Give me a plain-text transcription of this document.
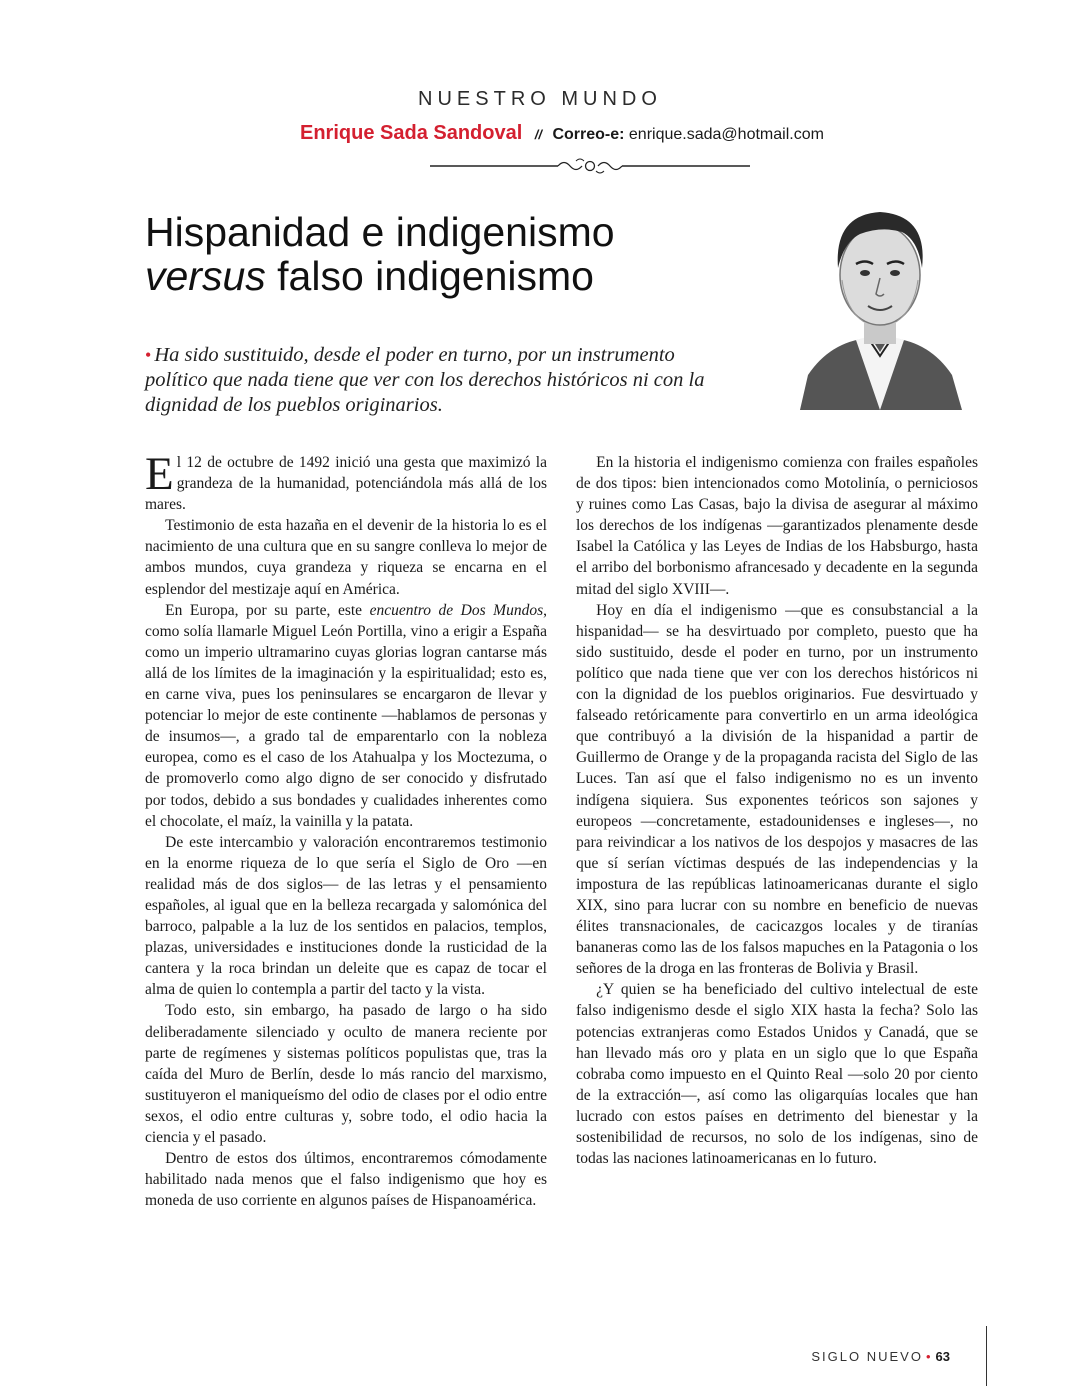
NUESTRO MUNDO
Enrique Sada Sandoval // Correo-e: enrique.sada@hotmail.com
Hispanidad e indigenismo
versus falso indigenismo
• Ha sido sustituido, desde el poder en turno, por un instrumento político que nada tiene que ver con los derechos históricos ni con la dignidad de los pueblos originarios.

El 12 de octubre de 1492 inició una gesta que maximizó la grandeza de la humanidad, potenciándola más allá de los mares.

Testimonio de esta hazaña en el devenir de la historia lo es el nacimiento de una cultura que en su sangre conlleva lo mejor de ambos mundos, cuya grandeza y riqueza se encarna en el esplendor del mestizaje aquí en América.

En Europa, por su parte, este encuentro de Dos Mundos, como solía llamarle Miguel León Portilla, vino a erigir a España como un imperio ultramarino cuyas glorias logran cantarse más allá de los límites de la imaginación y la espiritualidad; esto es, en carne viva, pues los peninsulares se encargaron de llevar y potenciar lo mejor de este continente —hablamos de personas y de insumos—, a grado tal de emparentarlo con la nobleza europea, como es el caso de los Atahualpa y los Moctezuma, o de promoverlo como algo digno de ser conocido y disfrutado por todos, debido a sus bondades y cualidades inherentes como el chocolate, el maíz, la vainilla y la patata.

De este intercambio y valoración encontraremos testimonio en la enorme riqueza de lo que sería el Siglo de Oro —en realidad más de dos siglos— de las letras y el pensamiento españoles, al igual que en la belleza recargada y salomónica del barroco, palpable a la luz de los sentidos en palacios, templos, plazas, universidades e instituciones donde la rusticidad de la cantera y la roca brindan un deleite que es capaz de tocar el alma de quien lo contempla a partir del tacto y la vista.

Todo esto, sin embargo, ha pasado de largo o ha sido deliberadamente silenciado y oculto de manera reciente por parte de regímenes y sistemas políticos populistas que, tras la caída del Muro de Berlín, desde lo más rancio del marxismo, sustituyeron el maniqueísmo del odio de clases por el odio entre sexos, el odio entre culturas y, sobre todo, el odio hacia la ciencia y el pasado.

Dentro de estos dos últimos, encontraremos cómodamente habilitado nada menos que el falso indigenismo que hoy es moneda de uso corriente en algunos países de Hispanoamérica.

En la historia el indigenismo comienza con frailes españoles de dos tipos: bien intencionados como Motolinía, o perniciosos y ruines como Las Casas, bajo la divisa de asegurar al máximo los derechos de los indígenas —garantizados plenamente desde Isabel la Católica y las Leyes de Indias de los Habsburgo, hasta el arribo del borbonismo afrancesado y decadente en la segunda mitad del siglo XVIII—.

Hoy en día el indigenismo —que es consubstancial a la hispanidad— se ha desvirtuado por completo, puesto que ha sido sustituido, desde el poder en turno, por un instrumento político que nada tiene que ver con los derechos históricos ni con la dignidad de los pueblos originarios. Fue desvirtuado y falseado retóricamente para convertirlo en un arma ideológica que contribuyó a la división de la hispanidad a partir de Guillermo de Orange y de la propaganda racista del Siglo de las Luces. Tan así que el falso indigenismo no es un invento indígena siquiera. Sus exponentes teóricos son sajones y europeos —concretamente, estadounidenses e ingleses—, no para reivindicar a los nativos de los despojos y masacres de las que sí serían víctimas después de las independencias y la impostura de las repúblicas latinoamericanas durante el siglo XIX, sino para lucrar con su nombre en beneficio de nuevas élites transnacionales, de cacicazgos locales y de tiranías bananeras como las de los falsos mapuches en la Patagonia o los señores de la droga en las fronteras de Bolivia y Brasil.

¿Y quien se ha beneficiado del cultivo intelectual de este falso indigenismo desde el siglo XIX hasta la fecha? Solo las potencias extranjeras como Estados Unidos y Canadá, que se han llevado más oro y plata en un siglo que lo que España cobraba como impuesto en el Quinto Real —solo 20 por ciento de la extracción—, así como las oligarquías locales que han lucrado con estos países en detrimento del bienestar y la sostenibilidad de recursos, no solo de los indígenas, sino de todas las naciones latinoamericanas en lo futuro.

SIGLO NUEVO • 63
